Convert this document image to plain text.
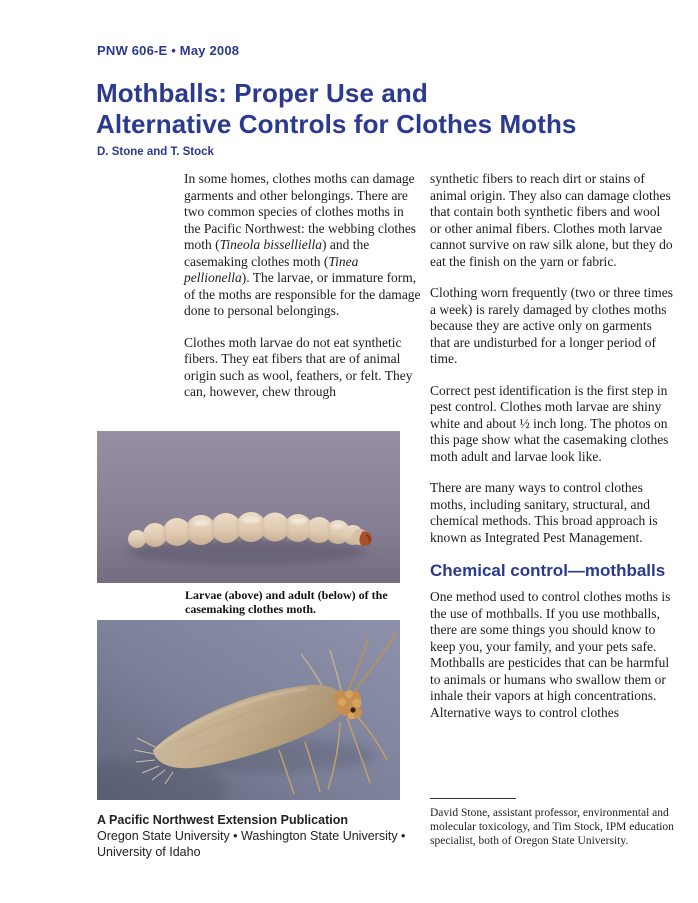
PNW 606-E • May 2008
Mothballs: Proper Use and
Alternative Controls for Clothes Moths
D. Stone and T. Stock

In some homes, clothes moths can damage garments and other belongings. There are two common species of clothes moths in the Pacific Northwest: the webbing clothes moth (Tineola bisselliella) and the casemaking clothes moth (Tinea pellionella). The larvae, or immature form, of the moths are responsible for the damage done to personal belongings.

Clothes moth larvae do not eat synthetic fibers. They eat fibers that are of animal origin such as wool, feathers, or felt. They can, however, chew through

Larvae (above) and adult (below) of the casemaking clothes moth.

synthetic fibers to reach dirt or stains of animal origin. They also can damage clothes that contain both synthetic fibers and wool or other animal fibers. Clothes moth larvae cannot survive on raw silk alone, but they do eat the finish on the yarn or fabric.

Clothing worn frequently (two or three times a week) is rarely damaged by clothes moths because they are active only on garments that are undisturbed for a longer period of time.

Correct pest identification is the first step in pest control. Clothes moth larvae are shiny white and about ½ inch long. The photos on this page show what the casemaking clothes moth adult and larvae look like.

There are many ways to control clothes moths, including sanitary, structural, and chemical methods. This broad approach is known as Integrated Pest Management.

Chemical control—mothballs

One method used to control clothes moths is the use of mothballs. If you use mothballs, there are some things you should know to keep you, your family, and your pets safe. Mothballs are pesticides that can be harmful to animals or humans who swallow them or inhale their vapors at high concentrations. Alternative ways to control clothes

A Pacific Northwest Extension Publication
Oregon State University • Washington State University •
University of Idaho
David Stone, assistant professor, environmental and molecular toxicology, and Tim Stock, IPM education specialist, both of Oregon State University.
